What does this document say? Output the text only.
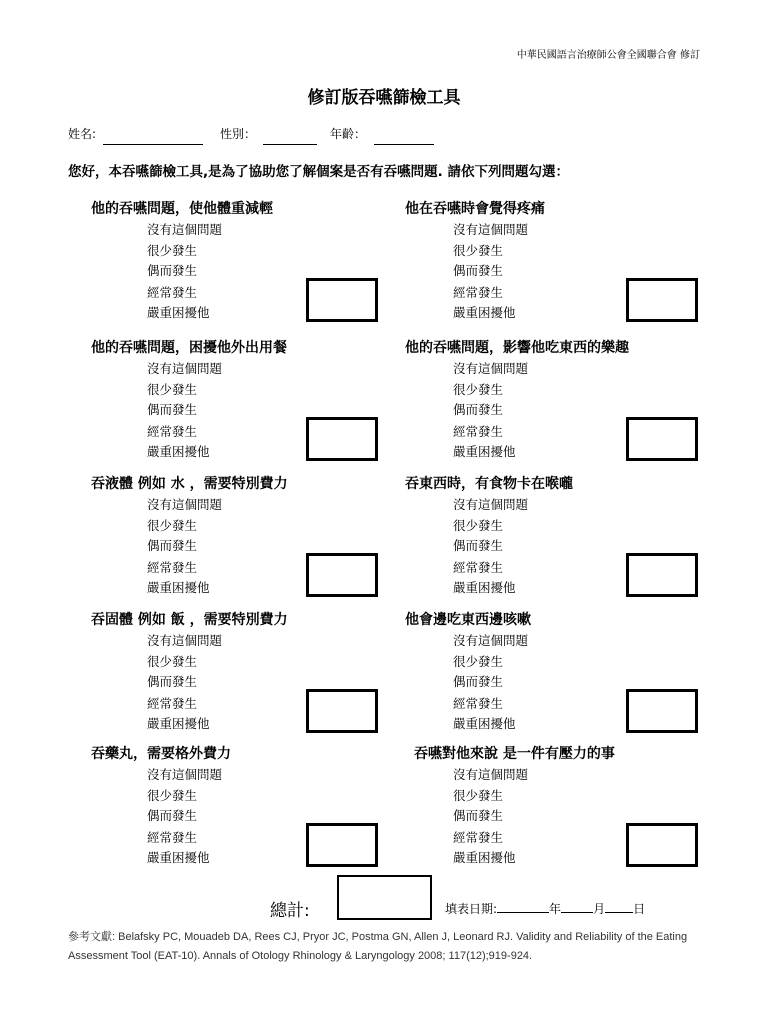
中華民國語言治療師公會全國聯合會 修訂
修訂版吞嚥篩檢工具
姓名:	性別：	年齡：
您好，本吞嚥篩檢工具,是為了協助您了解個案是否有吞嚥問題. 請依下列問題勾選：
他的吞嚥問題，使他體重減輕
沒有這個問題
很少發生
偶而發生
經常發生
嚴重困擾他
他在吞嚥時會覺得疼痛
沒有這個問題
很少發生
偶而發生
經常發生
嚴重困擾他
他的吞嚥問題，困擾他外出用餐
沒有這個問題
很少發生
偶而發生
經常發生
嚴重困擾他
他的吞嚥問題，影響他吃東西的樂趣
沒有這個問題
很少發生
偶而發生
經常發生
嚴重困擾他
吞液體 例如 水 ，需要特別費力
沒有這個問題
很少發生
偶而發生
經常發生
嚴重困擾他
吞東西時，有食物卡在喉嚨
沒有這個問題
很少發生
偶而發生
經常發生
嚴重困擾他
吞固體 例如 飯 ，需要特別費力
沒有這個問題
很少發生
偶而發生
經常發生
嚴重困擾他
他會邊吃東西邊咳嗽
沒有這個問題
很少發生
偶而發生
經常發生
嚴重困擾他
吞藥丸，需要格外費力
沒有這個問題
很少發生
偶而發生
經常發生
嚴重困擾他
吞嚥對他來說 是一件有壓力的事
沒有這個問題
很少發生
偶而發生
經常發生
嚴重困擾他
總計:	填表日期:	年	月 日
參考文獻: Belafsky PC, Mouadeb DA, Rees CJ, Pryor JC, Postma GN, Allen J, Leonard RJ. Validity and Reliability of the Eating Assessment Tool (EAT-10). Annals of Otology Rhinology & Laryngology 2008; 117(12);919-924.
